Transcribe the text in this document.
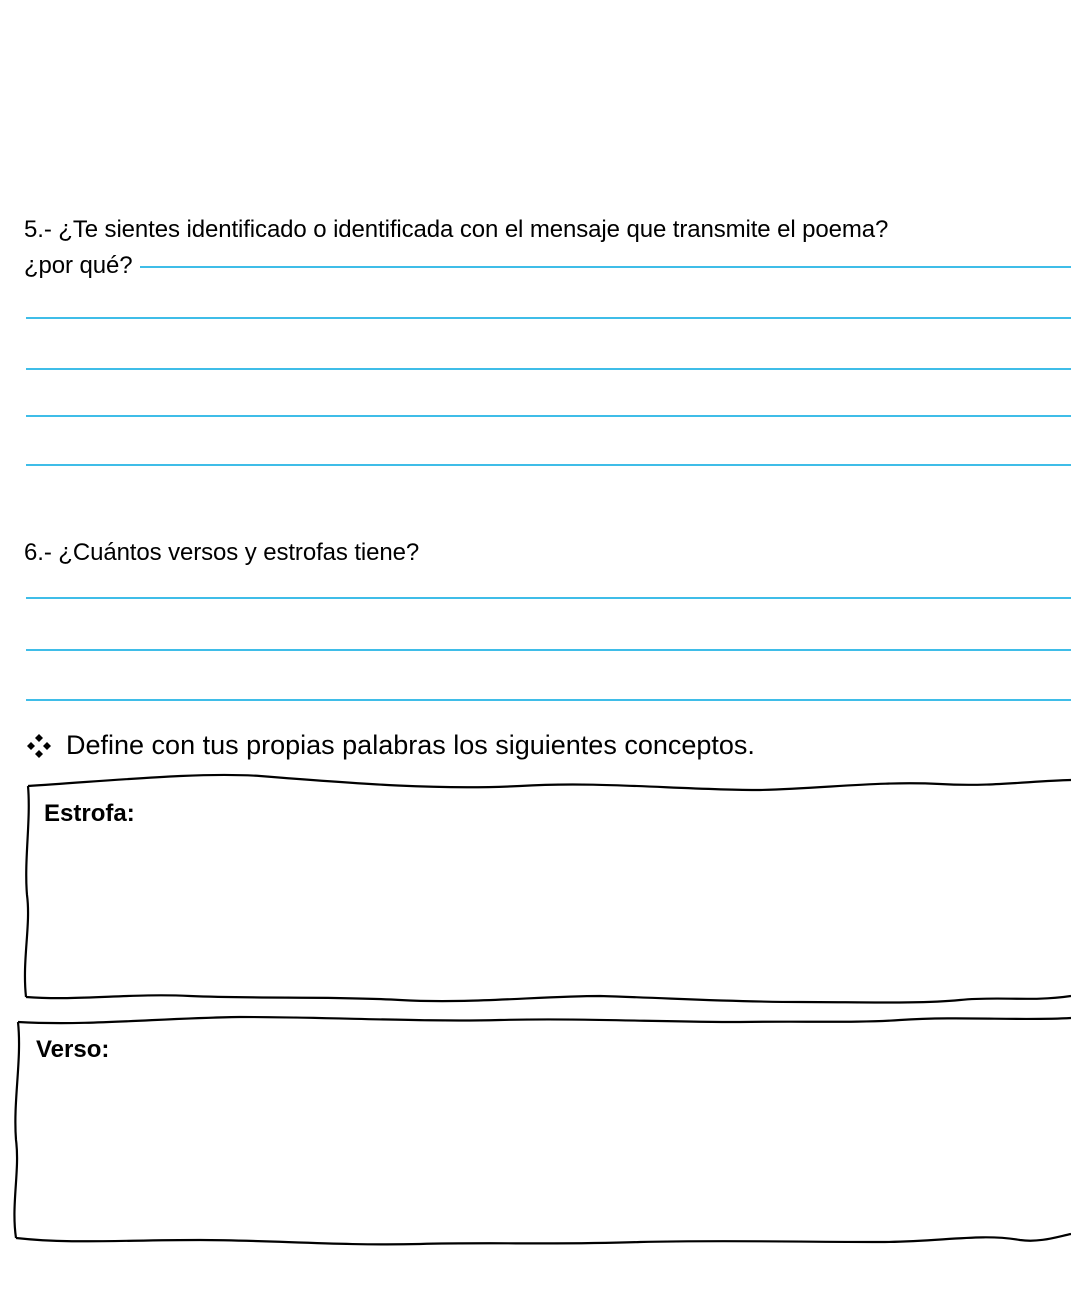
5.- ¿Te sientes identificado o identificada con el mensaje que transmite el poema?
¿por qué?
6.- ¿Cuántos versos y estrofas tiene?
Define con tus propias palabras los siguientes conceptos.
Estrofa:
Verso:
